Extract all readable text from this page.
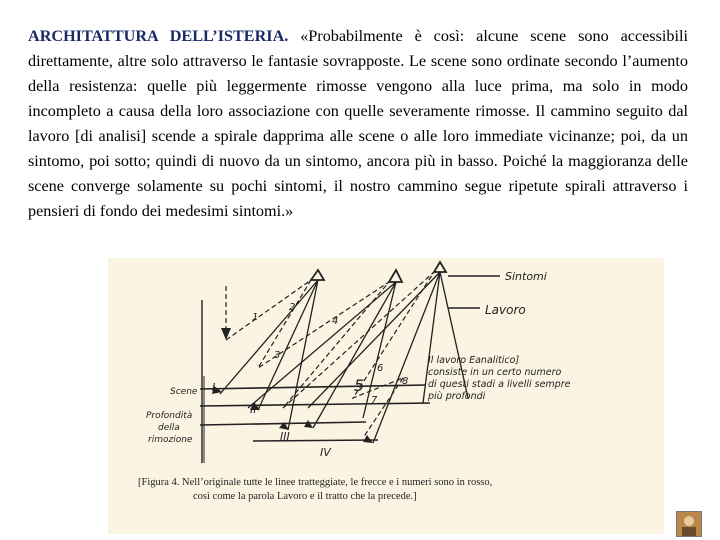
ARCHITATTURA DELL’ISTERIA. «Probabilmente è così: alcune scene sono accessibili direttamente, altre solo attraverso le fantasie sovrapposte. Le scene sono ordinate secondo l’aumento della resistenza: quelle più leggermente rimosse vengono alla luce prima, ma solo in modo incompleto a causa della loro associazione con quelle severamente rimosse. Il cammino seguito dal lavoro [di analisi] scende a spirale dapprima alle scene o alle loro immediate vicinanze; poi, da un sintomo, poi sotto; quindi di nuovo da un sintomo, ancora più in basso. Poiché la maggioranza delle scene converge solamente su pochi sintomi, il nostro cammino segue ripetute spirali attraverso i pensieri di fondo dei medesimi sintomi.»
Sintomi
Lavoro
Il lavoro Eanalitico]
consiste in un certo numero
di questi stadi a livelli sempre
più profondi
Scene
Profondità
della
rimozione
I
II
III
IV
1
2
3
4
5
6
7
8
[Figura 4. Nell’originale tutte le linee tratteggiate, le frecce e i numeri sono in rosso,
così come la parola Lavoro e il tratto che la precede.]
